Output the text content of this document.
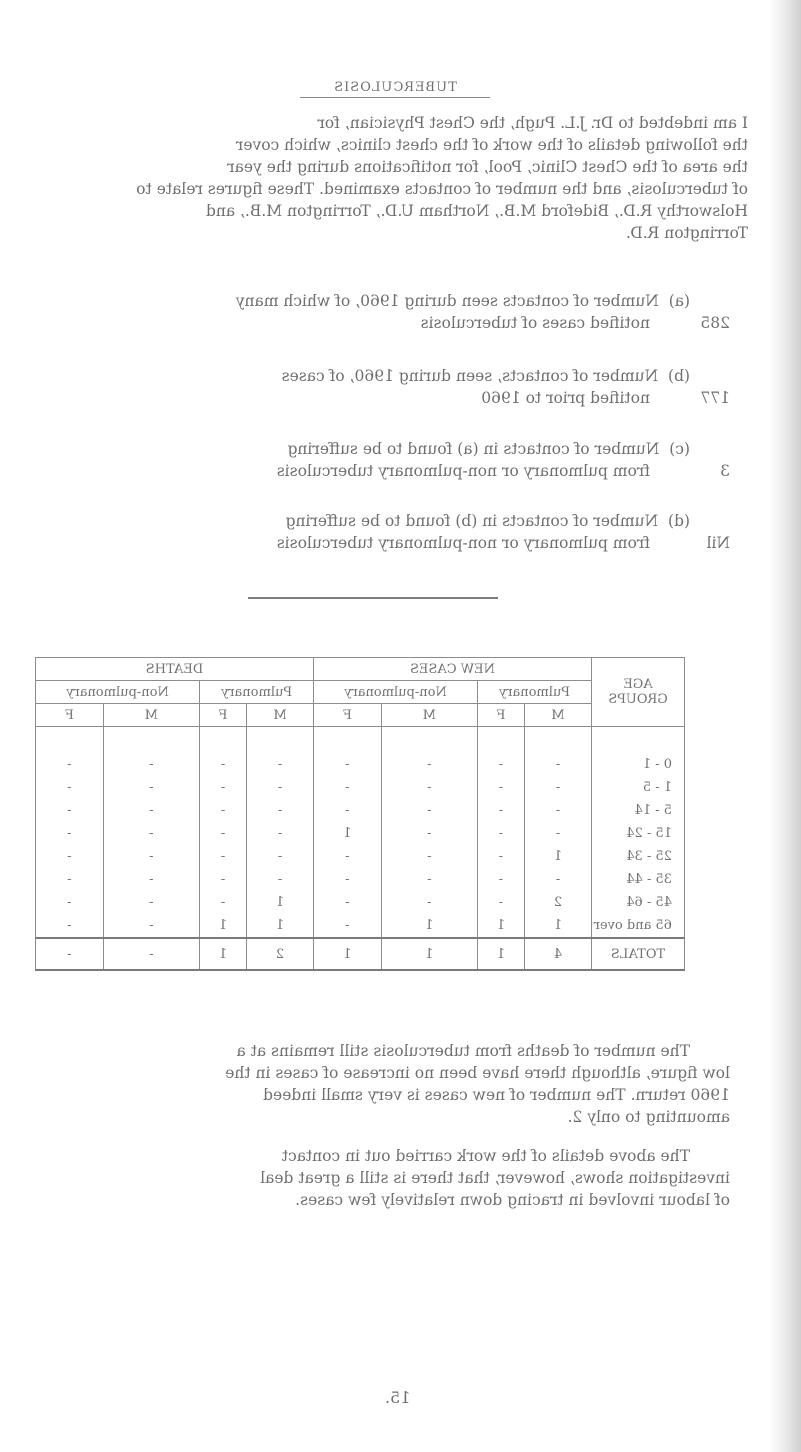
TUBERCULOSIS
I am indebted to Dr. J.L. Pugh, the Chest Physician, for
the following details of the work of the chest clinics, which cover
the area of the Chest Clinic, Pool, for notifications during the year
of tuberculosis, and the number of contacts examined. These figures relate to
Holsworthy R.D., Bideford M.B., Northam U.D., Torrington M.B., and
Torrington R.D.
(a)  Number of contacts seen during 1960, of which many
notified cases of tuberculosis	285
(b)  Number of contacts, seen during 1960, of cases
notified prior to 1960	177
(c)  Number of contacts in (a) found to be suffering
from pulmonary or non-pulmonary tuberculosis	3
(d)  Number of contacts in (b) found to be suffering
from pulmonary or non-pulmonary tuberculosis	Nil
AGE GROUPS	NEW CASES				DEATHS			
	Pulmonary		Non-pulmonary		Pulmonary		Non-pulmonary	
	M	F	M	F	M	F	M	F
0 - 1	-	-	-	-	-	-	-	-
1 - 5	-	-	-	-	-	-	-	-
5 - 14	-	-	-	-	-	-	-	-
15 - 24	-	-	-	1	-	-	-	-
25 - 34	1	-	-	-	-	-	-	-
35 - 44	-	-	-	-	-	-	-	-
45 - 64	2	-	-	-	1	-	-	-
65 and over	1	1	1	-	1	1	-	-
TOTALS	4	1	1	1	2	1	-	-
The number of deaths from tuberculosis still remains at a
low figure, although there have been no increase of cases in the
1960 return. The number of new cases is very small indeed
amounting to only 2.
The above details of the work carried out in contact
investigation shows, however, that there is still a great deal
of labour involved in tracing down relatively few cases.
15.
